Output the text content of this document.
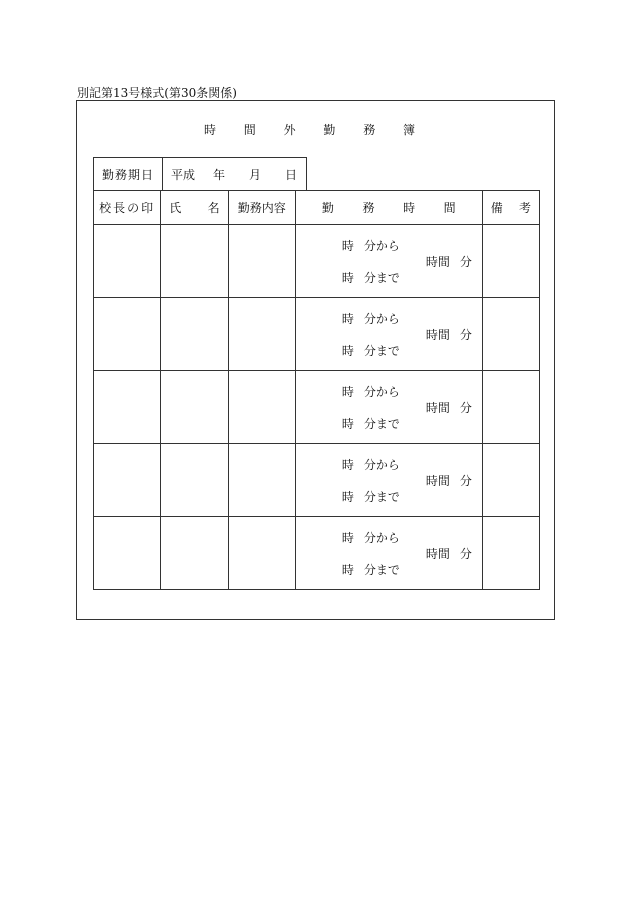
別記第13号様式(第30条関係)
時 間 外 勤 務 簿
勤務期日	平成	年	月	日
校長の印	氏 名	勤務内容	勤 務 時 間	備 考

			時 分から
時間 分
時 分まで	

			時 分から
時間 分
時 分まで	

			時 分から
時間 分
時 分まで	

			時 分から
時間 分
時 分まで	

			時 分から
時間 分
時 分まで	
